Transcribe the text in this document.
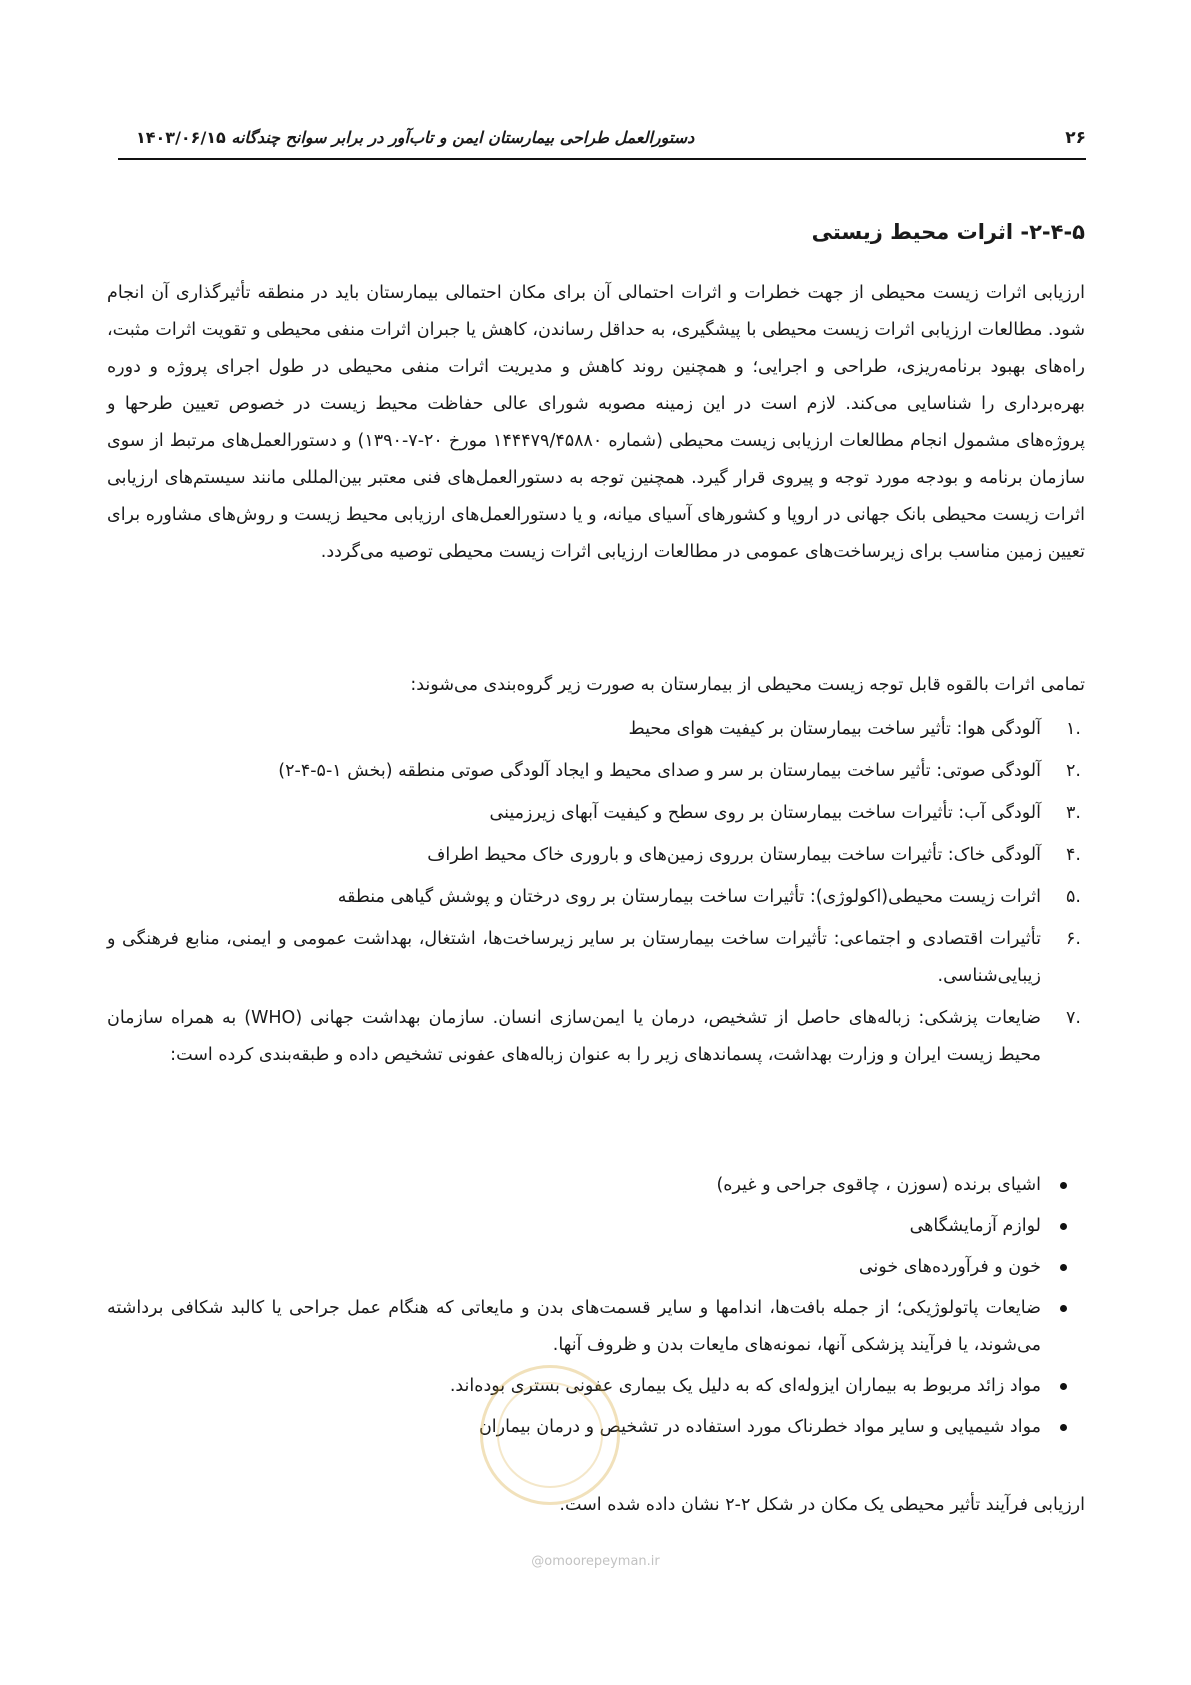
۲۶
دستورالعمل طراحی بیمارستان ایمن و تاب‌آور در برابر سوانح چندگانه ۱۴۰۳/۰۶/۱۵
۲-۴-۵- اثرات محیط زیستی
ارزیابی اثرات زیست محیطی از جهت خطرات و اثرات احتمالی آن برای مکان احتمالی بیمارستان باید در منطقه تأثیرگذاری آن انجام شود. مطالعات ارزیابی اثرات زیست محیطی با پیشگیری، به حداقل رساندن، کاهش یا جبران اثرات منفی محیطی و تقویت اثرات مثبت، راه‌های بهبود برنامه‌ریزی، طراحی و اجرایی؛ و همچنین روند کاهش و مدیریت اثرات منفی محیطی در طول اجرای پروژه و دوره بهره‌برداری را شناسایی می‌کند. لازم است در این زمینه مصوبه شورای عالی حفاظت محیط زیست در خصوص تعیین طرحها و پروژه‌های مشمول انجام مطالعات ارزیابی زیست محیطی (شماره ۱۴۴۴۷۹/۴۵۸۸۰ مورخ ۲۰-۷-۱۳۹۰) و دستورالعمل‌های مرتبط از سوی سازمان برنامه و بودجه مورد توجه و پیروی قرار گیرد. همچنین توجه به دستورالعمل‌های فنی معتبر بین‌المللی مانند سیستم‌های ارزیابی اثرات زیست محیطی بانک جهانی در اروپا و کشورهای آسیای میانه، و یا دستورالعمل‌های ارزیابی محیط زیست و روش‌های مشاوره برای تعیین زمین مناسب برای زیرساخت‌های عمومی در مطالعات ارزیابی اثرات زیست محیطی توصیه می‌گردد.
تمامی اثرات بالقوه قابل توجه زیست محیطی از بیمارستان به صورت زیر گروه‌بندی می‌شوند:
.۱
آلودگی هوا: تأثیر ساخت بیمارستان بر کیفیت هوای محیط
.۲
آلودگی صوتی: تأثیر ساخت بیمارستان بر سر و صدای محیط و ایجاد آلودگی صوتی منطقه (بخش ۱-۵-۴-۲)
.۳
آلودگی آب: تأثیرات ساخت بیمارستان بر روی سطح و کیفیت آبهای زیرزمینی
.۴
آلودگی خاک: تأثیرات ساخت بیمارستان برروی زمین‌های و باروری خاک محیط اطراف
.۵
اثرات زیست محیطی(اکولوژی): تأثیرات ساخت بیمارستان بر روی درختان و پوشش گیاهی منطقه
.۶
تأثیرات اقتصادی و اجتماعی: تأثیرات ساخت بیمارستان بر سایر زیرساخت‌ها، اشتغال، بهداشت عمومی و ایمنی، منابع فرهنگی و زیبایی‌شناسی.
.۷
ضایعات پزشکی: زباله‌های حاصل از تشخیص، درمان یا ایمن‌سازی انسان. سازمان بهداشت جهانی (WHO) به همراه سازمان محیط زیست ایران و وزارت بهداشت، پسماندهای زیر را به عنوان زباله‌های عفونی تشخیص داده و طبقه‌بندی کرده است:
اشیای برنده (سوزن ، چاقوی جراحی و غیره)
لوازم آزمایشگاهی
خون و فرآورده‌های خونی
ضایعات پاتولوژیکی؛ از جمله بافت‌ها، اندامها و سایر قسمت‌های بدن و مایعاتی که هنگام عمل جراحی یا کالبد شکافی برداشته می‌شوند، یا فرآیند پزشکی آنها، نمونه‌های مایعات بدن و ظروف آنها.
مواد زائد مربوط به بیماران ایزوله‌ای که به دلیل یک بیماری عفونی بستری بوده‌اند.
مواد شیمیایی و سایر مواد خطرناک مورد استفاده در تشخیص و درمان بیماران
ارزیابی فرآیند تأثیر محیطی یک مکان در شکل ۲-۲ نشان داده شده است.
@omoorepeyman.ir
